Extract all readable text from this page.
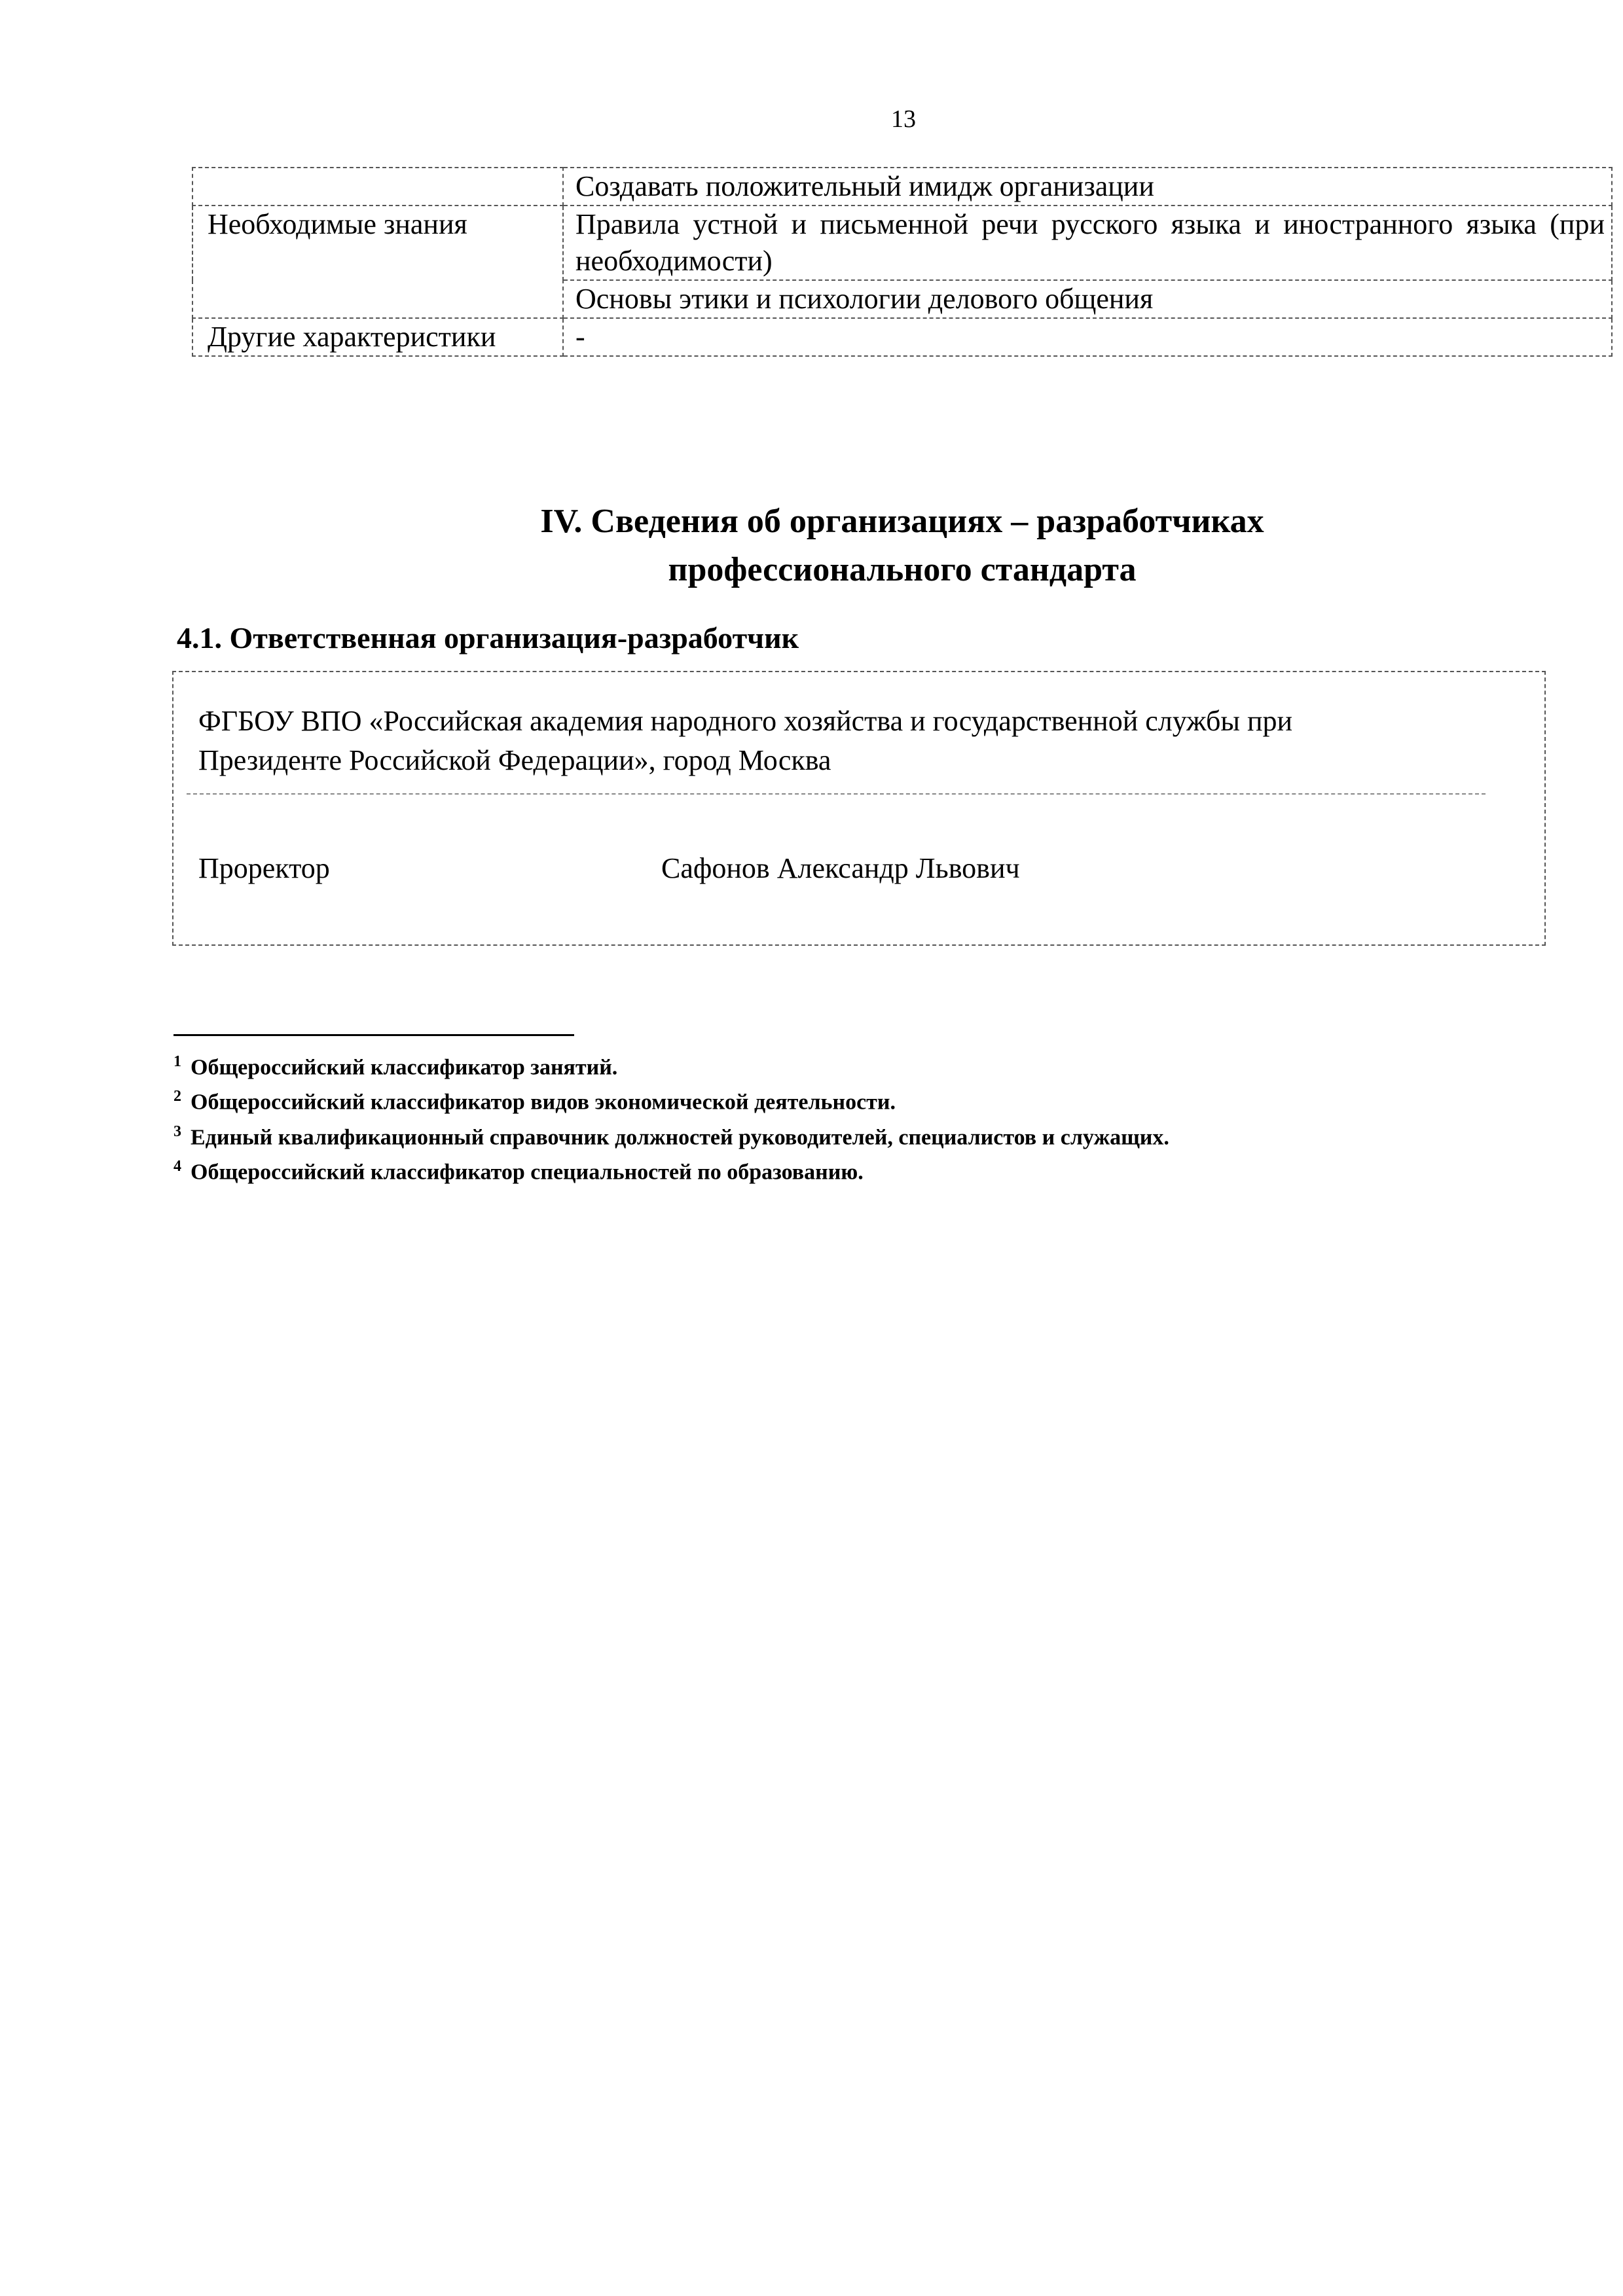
13
	Создавать положительный имидж организации
Необходимые знания	Правила устной и письменной речи русского языка и иностранного языка (при необходимости)
	Основы этики и психологии делового общения
Другие характеристики	-
IV. Сведения об организациях – разработчиках
профессионального стандарта
4.1. Ответственная организация-разработчик
ФГБОУ ВПО «Российская академия народного хозяйства и государственной службы при
Президенте Российской Федерации», город Москва
Проректор	Сафонов Александр Львович
$^1$ Общероссийский классификатор занятий.
$^2$ Общероссийский классификатор видов экономической деятельности.
$^3$ Единый квалификационный справочник должностей руководителей, специалистов и служащих.
$^4$ Общероссийский классификатор специальностей по образованию.
